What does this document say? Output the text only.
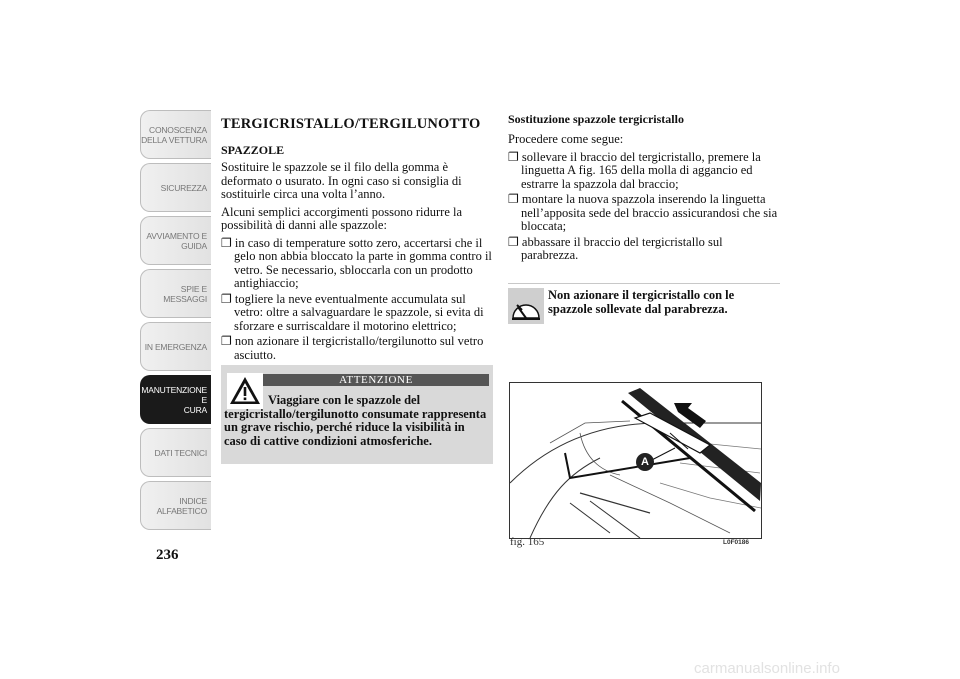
CONOSCENZA
DELLA VETTURA
SICUREZZA
AVVIAMENTO E
GUIDA
SPIE E MESSAGGI
IN EMERGENZA
MANUTENZIONE E
CURA
DATI TECNICI
INDICE
ALFABETICO
236
TERGICRISTALLO/TERGILUNOTTO
SPAZZOLE

Sostituire le spazzole se il filo della gomma è deformato o usurato. In ogni caso si consiglia di sostituirle circa una volta l’anno.

Alcuni semplici accorgimenti possono ridurre la possibilità di danni alle spazzole:

❐ in caso di temperature sotto zero, accertarsi che il gelo non abbia bloccato la parte in gomma contro il vetro. Se necessario, sbloccarla con un prodotto antighiaccio;
❐ togliere la neve eventualmente accumulata sul vetro: oltre a salvaguardare le spazzole, si evita di sforzare e surriscaldare il motorino elettrico;
❐ non azionare il tergicristallo/tergilunotto sul vetro asciutto.
ATTENZIONE
Viaggiare con le spazzole del tergicristallo/tergilunotto consumate rappresenta un grave rischio, perché riduce la visibilità in caso di cattive condizioni atmosferiche.
Sostituzione spazzole tergicristallo

Procedere come segue:

❐ sollevare il braccio del tergicristallo, premere la linguetta A fig. 165 della molla di aggancio ed estrarre la spazzola dal braccio;
❐ montare la nuova spazzola inserendo la linguetta nell’apposita sede del braccio assicurandosi che sia bloccata;
❐ abbassare il braccio del tergicristallo sul parabrezza.
Non azionare il tergicristallo con le spazzole sollevate dal parabrezza.
A
fig. 165	L0F0186
carmanualsonline.info
